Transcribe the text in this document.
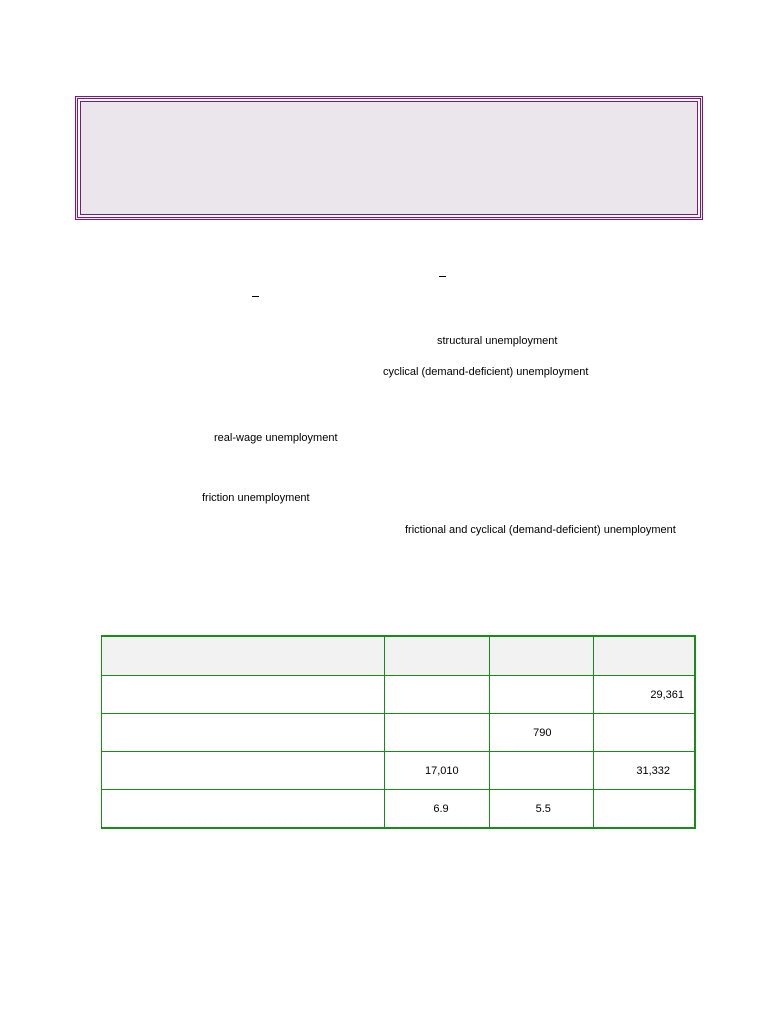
structural unemployment
cyclical (demand-deficient) unemployment
real-wage unemployment
friction unemployment
frictional and cyclical (demand-deficient) unemployment

			29,361
		790	
	17,010		31,332
	6.9	5.5	
